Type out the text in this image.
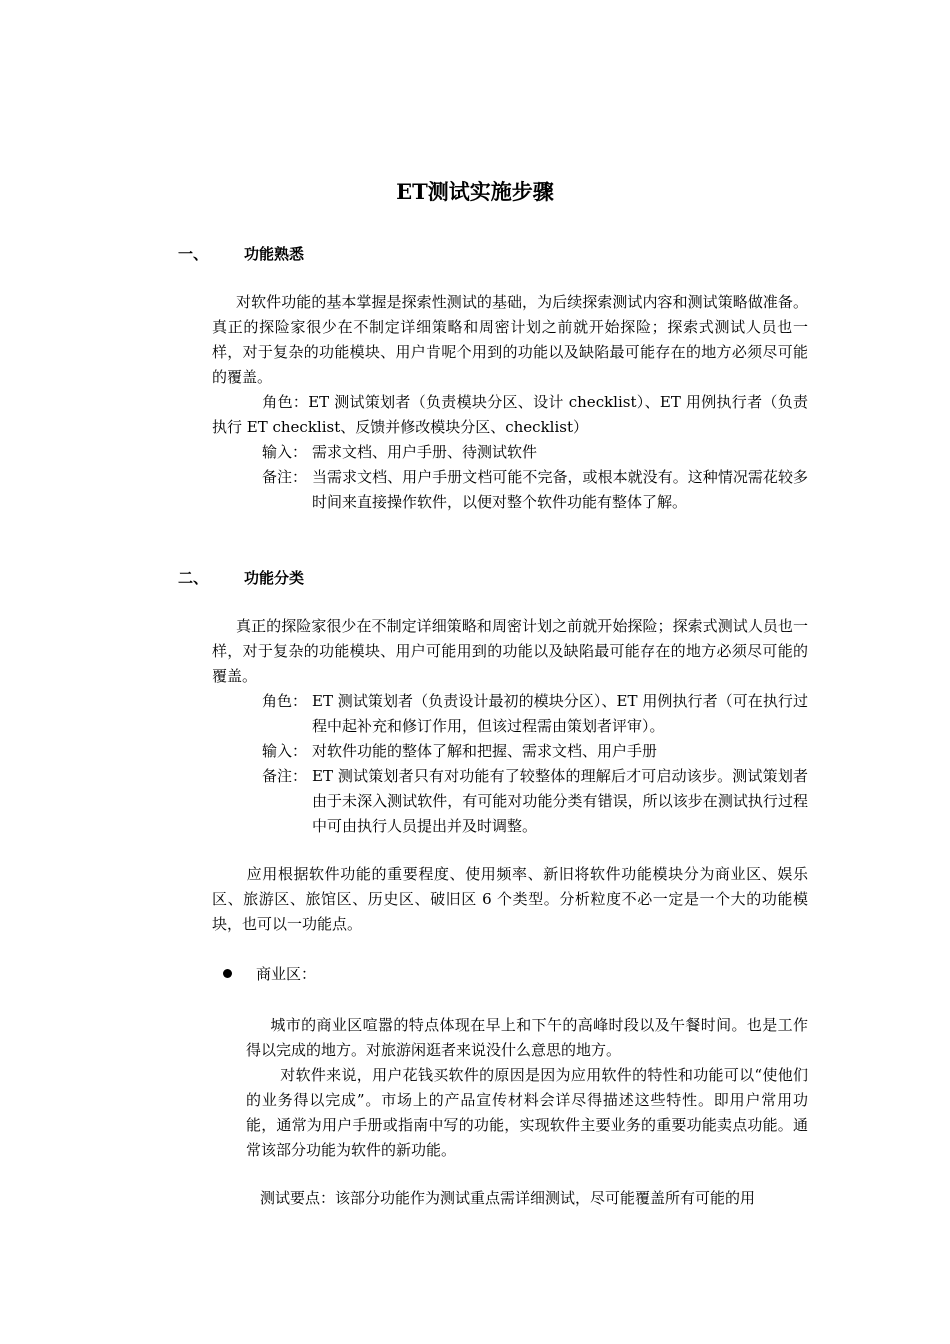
ET测试实施步骤
一、 功能熟悉
对软件功能的基本掌握是探索性测试的基础，为后续探索测试内容和测试策略做准备。真正的探险家很少在不制定详细策略和周密计划之前就开始探险；探索式测试人员也一样，对于复杂的功能模块、用户肯呢个用到的功能以及缺陷最可能存在的地方必须尽可能的覆盖。
角色：ET 测试策划者（负责模块分区、设计 checklist）、ET 用例执行者（负责执行 ET checklist、反馈并修改模块分区、checklist）
输入： 需求文档、用户手册、待测试软件
备注： 当需求文档、用户手册文档可能不完备，或根本就没有。这种情况需花较多时间来直接操作软件，以便对整个软件功能有整体了解。
二、 功能分类
真正的探险家很少在不制定详细策略和周密计划之前就开始探险；探索式测试人员也一样，对于复杂的功能模块、用户可能用到的功能以及缺陷最可能存在的地方必须尽可能的覆盖。
角色： ET 测试策划者（负责设计最初的模块分区）、ET 用例执行者（可在执行过程中起补充和修订作用，但该过程需由策划者评审）。
输入： 对软件功能的整体了解和把握、需求文档、用户手册
备注： ET 测试策划者只有对功能有了较整体的理解后才可启动该步。测试策划者由于未深入测试软件，有可能对功能分类有错误，所以该步在测试执行过程中可由执行人员提出并及时调整。
应用根据软件功能的重要程度、使用频率、新旧将软件功能模块分为商业区、娱乐区、旅游区、旅馆区、历史区、破旧区 6 个类型。分析粒度不必一定是一个大的功能模块，也可以一功能点。
商业区：
城市的商业区喧嚣的特点体现在早上和下午的高峰时段以及午餐时间。也是工作得以完成的地方。对旅游闲逛者来说没什么意思的地方。
对软件来说，用户花钱买软件的原因是因为应用软件的特性和功能可以“使他们的业务得以完成”。市场上的产品宣传材料会详尽得描述这些特性。即用户常用功能，通常为用户手册或指南中写的功能，实现软件主要业务的重要功能卖点功能。通常该部分功能为软件的新功能。
测试要点：该部分功能作为测试重点需详细测试，尽可能覆盖所有可能的用
